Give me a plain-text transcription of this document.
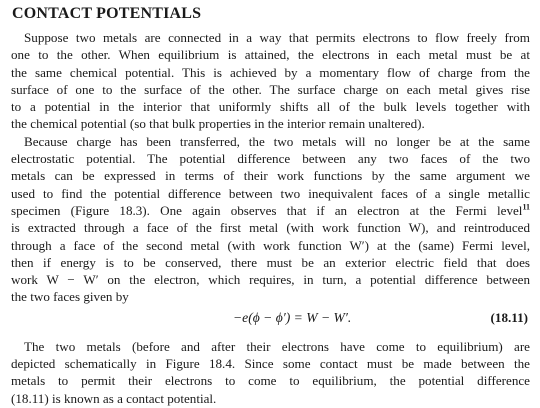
CONTACT POTENTIALS
Suppose two metals are connected in a way that permits electrons to flow freely from
one to the other. When equilibrium is attained, the electrons in each metal must be at
the same chemical potential. This is achieved by a momentary flow of charge from the
surface of one to the surface of the other. The surface charge on each metal gives rise
to a potential in the interior that uniformly shifts all of the bulk levels together with
the chemical potential (so that bulk properties in the interior remain unaltered).
Because charge has been transferred, the two metals will no longer be at the same
electrostatic potential. The potential difference between any two faces of the two
metals can be expressed in terms of their work functions by the same argument we
used to find the potential difference between two inequivalent faces of a single metallic
specimen (Figure 18.3). One again observes that if an electron at the Fermi level$^{11}$
is extracted through a face of the first metal (with work function W), and reintroduced
through a face of the second metal (with work function W′) at the (same) Fermi level,
then if energy is to be conserved, there must be an exterior electric field that does
work W − W′ on the electron, which requires, in turn, a potential difference between
the two faces given by
−e(ϕ − ϕ′) = W − W′.	(18.11)
The two metals (before and after their electrons have come to equilibrium) are
depicted schematically in Figure 18.4. Since some contact must be made between the
metals to permit their electrons to come to equilibrium, the potential difference
(18.11) is known as a contact potential.
